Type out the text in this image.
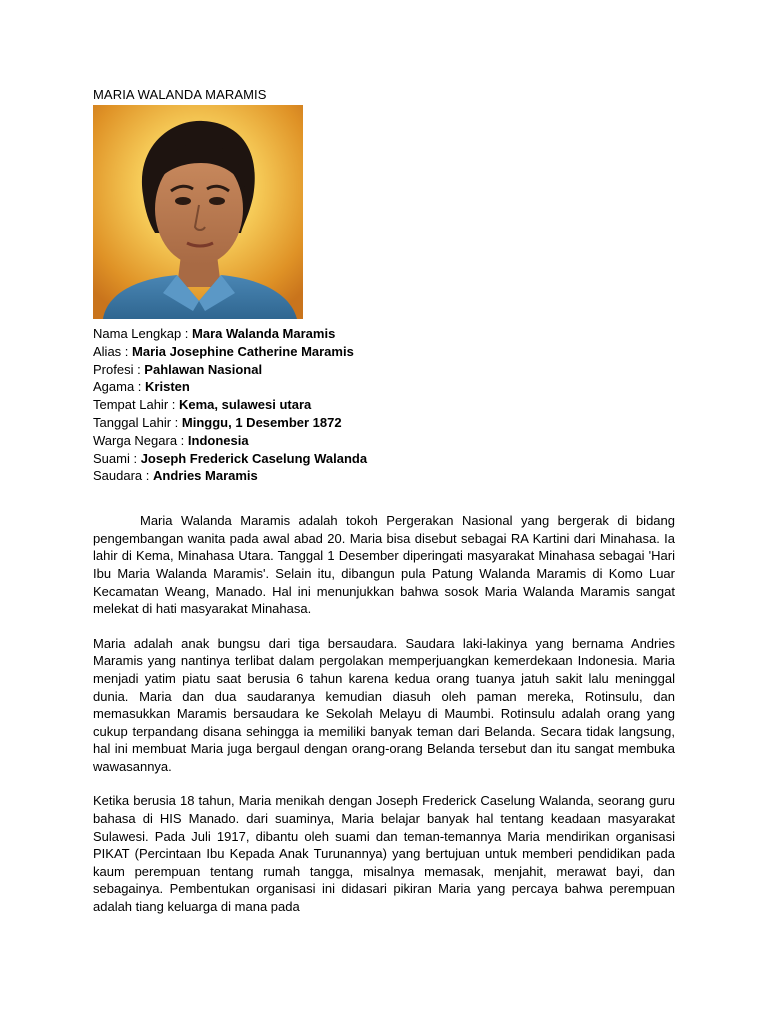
MARIA WALANDA MARAMIS

Nama Lengkap : Mara Walanda Maramis
Alias : Maria Josephine Catherine Maramis
Profesi : Pahlawan Nasional
Agama : Kristen
Tempat Lahir : Kema, sulawesi utara
Tanggal Lahir : Minggu, 1 Desember 1872
Warga Negara : Indonesia
Suami : Joseph Frederick Caselung Walanda
Saudara : Andries Maramis

Maria Walanda Maramis adalah tokoh Pergerakan Nasional yang bergerak di bidang pengembangan wanita pada awal abad 20. Maria bisa disebut sebagai RA Kartini dari Minahasa. Ia lahir di Kema, Minahasa Utara. Tanggal 1 Desember diperingati masyarakat Minahasa sebagai 'Hari Ibu Maria Walanda Maramis'. Selain itu, dibangun pula Patung Walanda Maramis di Komo Luar Kecamatan Weang, Manado. Hal ini menunjukkan bahwa sosok Maria Walanda Maramis sangat melekat di hati masyarakat Minahasa.

Maria adalah anak bungsu dari tiga bersaudara. Saudara laki-lakinya yang bernama Andries Maramis yang nantinya terlibat dalam pergolakan memperjuangkan kemerdekaan Indonesia. Maria menjadi yatim piatu saat berusia 6 tahun karena kedua orang tuanya jatuh sakit lalu meninggal dunia. Maria dan dua saudaranya kemudian diasuh oleh paman mereka, Rotinsulu, dan memasukkan Maramis bersaudara ke Sekolah Melayu di Maumbi. Rotinsulu adalah orang yang cukup terpandang disana sehingga ia memiliki banyak teman dari Belanda. Secara tidak langsung, hal ini membuat Maria juga bergaul dengan orang-orang Belanda tersebut dan itu sangat membuka wawasannya.

Ketika berusia 18 tahun, Maria menikah dengan Joseph Frederick Caselung Walanda, seorang guru bahasa di HIS Manado. dari suaminya, Maria belajar banyak hal tentang keadaan masyarakat Sulawesi. Pada Juli 1917, dibantu oleh suami dan teman-temannya Maria mendirikan organisasi PIKAT (Percintaan Ibu Kepada Anak Turunannya) yang bertujuan untuk memberi pendidikan pada kaum perempuan tentang rumah tangga, misalnya memasak, menjahit, merawat bayi, dan sebagainya. Pembentukan organisasi ini didasari pikiran Maria yang percaya bahwa perempuan adalah tiang keluarga di mana pada
